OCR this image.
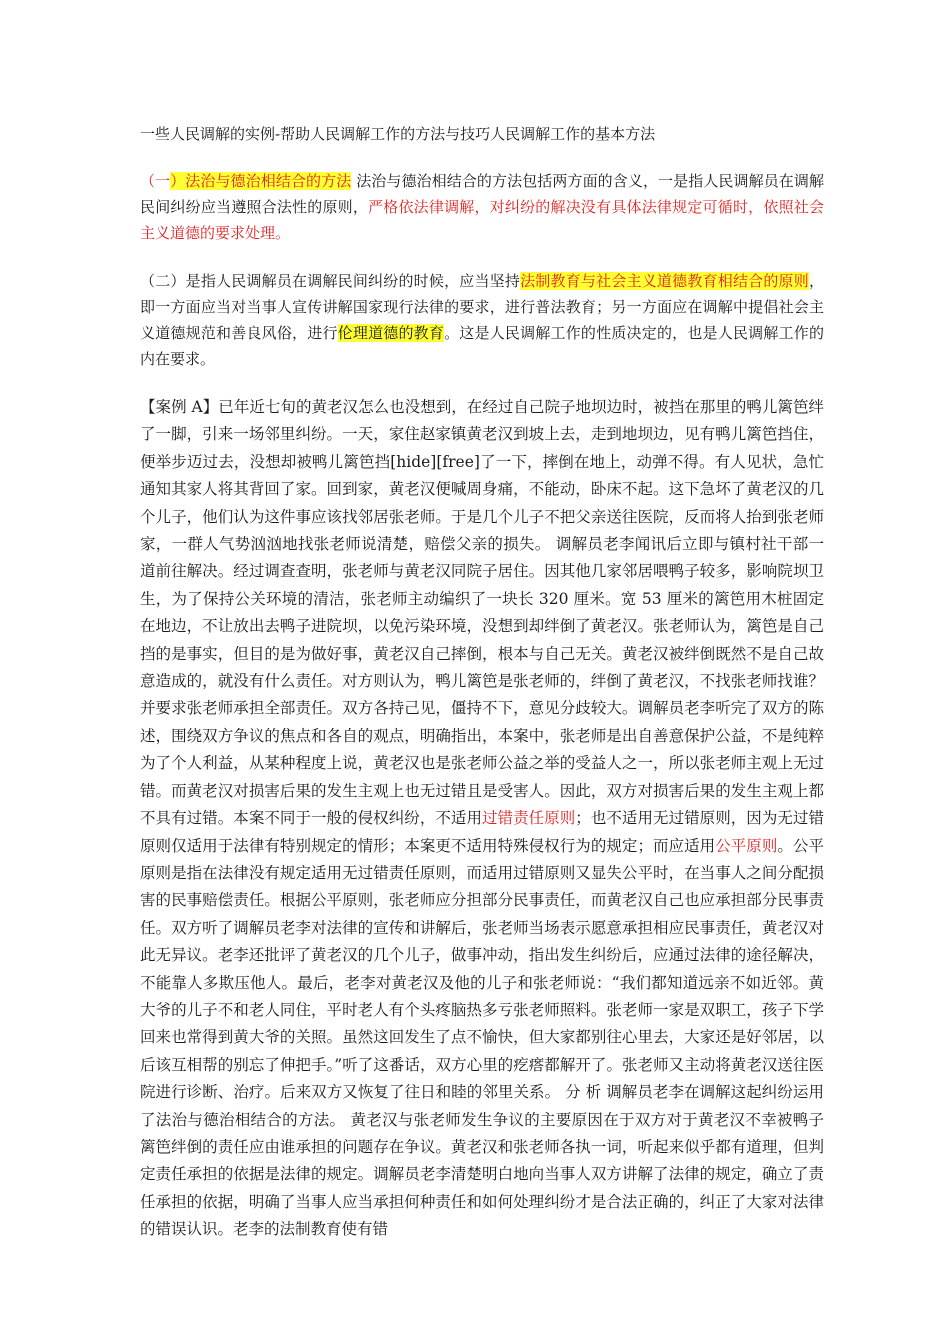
一些人民调解的实例-帮助人民调解工作的方法与技巧人民调解工作的基本方法

（一）法治与德治相结合的方法 法治与德治相结合的方法包括两方面的含义，一是指人民调解员在调解民间纠纷应当遵照合法性的原则，严格依法律调解，对纠纷的解决没有具体法律规定可循时，依照社会主义道德的要求处理。

（二）是指人民调解员在调解民间纠纷的时候，应当坚持法制教育与社会主义道德教育相结合的原则，即一方面应当对当事人宣传讲解国家现行法律的要求，进行普法教育；另一方面应在调解中提倡社会主义道德规范和善良风俗，进行伦理道德的教育。这是人民调解工作的性质决定的，也是人民调解工作的内在要求。

【案例 A】已年近七旬的黄老汉怎么也没想到，在经过自己院子地坝边时，被挡在那里的鸭儿篱笆绊了一脚，引来一场邻里纠纷。一天，家住赵家镇黄老汉到坡上去，走到地坝边，见有鸭儿篱笆挡住，便举步迈过去，没想却被鸭儿篱笆挡[hide][free]了一下，摔倒在地上，动弹不得。有人见状，急忙通知其家人将其背回了家。回到家，黄老汉便喊周身痛，不能动，卧床不起。这下急坏了黄老汉的几个儿子，他们认为这件事应该找邻居张老师。于是几个儿子不把父亲送往医院，反而将人抬到张老师家，一群人气势汹汹地找张老师说清楚，赔偿父亲的损失。 调解员老李闻讯后立即与镇村社干部一道前往解决。经过调查查明，张老师与黄老汉同院子居住。因其他几家邻居喂鸭子较多，影响院坝卫生，为了保持公关环境的清洁，张老师主动编织了一块长 320 厘米。宽 53 厘米的篱笆用木桩固定在地边，不让放出去鸭子进院坝，以免污染环境，没想到却绊倒了黄老汉。张老师认为，篱笆是自己挡的是事实，但目的是为做好事，黄老汉自己摔倒，根本与自己无关。黄老汉被绊倒既然不是自己故意造成的，就没有什么责任。对方则认为，鸭儿篱笆是张老师的，绊倒了黄老汉，不找张老师找谁？并要求张老师承担全部责任。双方各持己见，僵持不下，意见分歧较大。调解员老李听完了双方的陈述，围绕双方争议的焦点和各自的观点，明确指出，本案中，张老师是出自善意保护公益，不是纯粹为了个人利益，从某种程度上说，黄老汉也是张老师公益之举的受益人之一，所以张老师主观上无过错。而黄老汉对损害后果的发生主观上也无过错且是受害人。因此，双方对损害后果的发生主观上都不具有过错。本案不同于一般的侵权纠纷，不适用过错责任原则；也不适用无过错原则，因为无过错原则仅适用于法律有特别规定的情形；本案更不适用特殊侵权行为的规定；而应适用公平原则。公平原则是指在法律没有规定适用无过错责任原则，而适用过错原则又显失公平时，在当事人之间分配损害的民事赔偿责任。根据公平原则，张老师应分担部分民事责任，而黄老汉自己也应承担部分民事责任。双方听了调解员老李对法律的宣传和讲解后，张老师当场表示愿意承担相应民事责任，黄老汉对此无异议。老李还批评了黄老汉的几个儿子，做事冲动，指出发生纠纷后，应通过法律的途径解决，不能靠人多欺压他人。最后，老李对黄老汉及他的儿子和张老师说：“我们都知道远亲不如近邻。黄大爷的儿子不和老人同住，平时老人有个头疼脑热多亏张老师照料。张老师一家是双职工，孩子下学回来也常得到黄大爷的关照。虽然这回发生了点不愉快，但大家都别往心里去，大家还是好邻居，以后该互相帮的别忘了伸把手。”听了这番话，双方心里的疙瘩都解开了。张老师又主动将黄老汉送往医院进行诊断、治疗。后来双方又恢复了往日和睦的邻里关系。 分 析 调解员老李在调解这起纠纷运用了法治与德治相结合的方法。 黄老汉与张老师发生争议的主要原因在于双方对于黄老汉不幸被鸭子篱笆绊倒的责任应由谁承担的问题存在争议。黄老汉和张老师各执一词，听起来似乎都有道理，但判定责任承担的依据是法律的规定。调解员老李清楚明白地向当事人双方讲解了法律的规定，确立了责任承担的依据，明确了当事人应当承担何种责任和如何处理纠纷才是合法正确的，纠正了大家对法律的错误认识。老李的法制教育使有错
